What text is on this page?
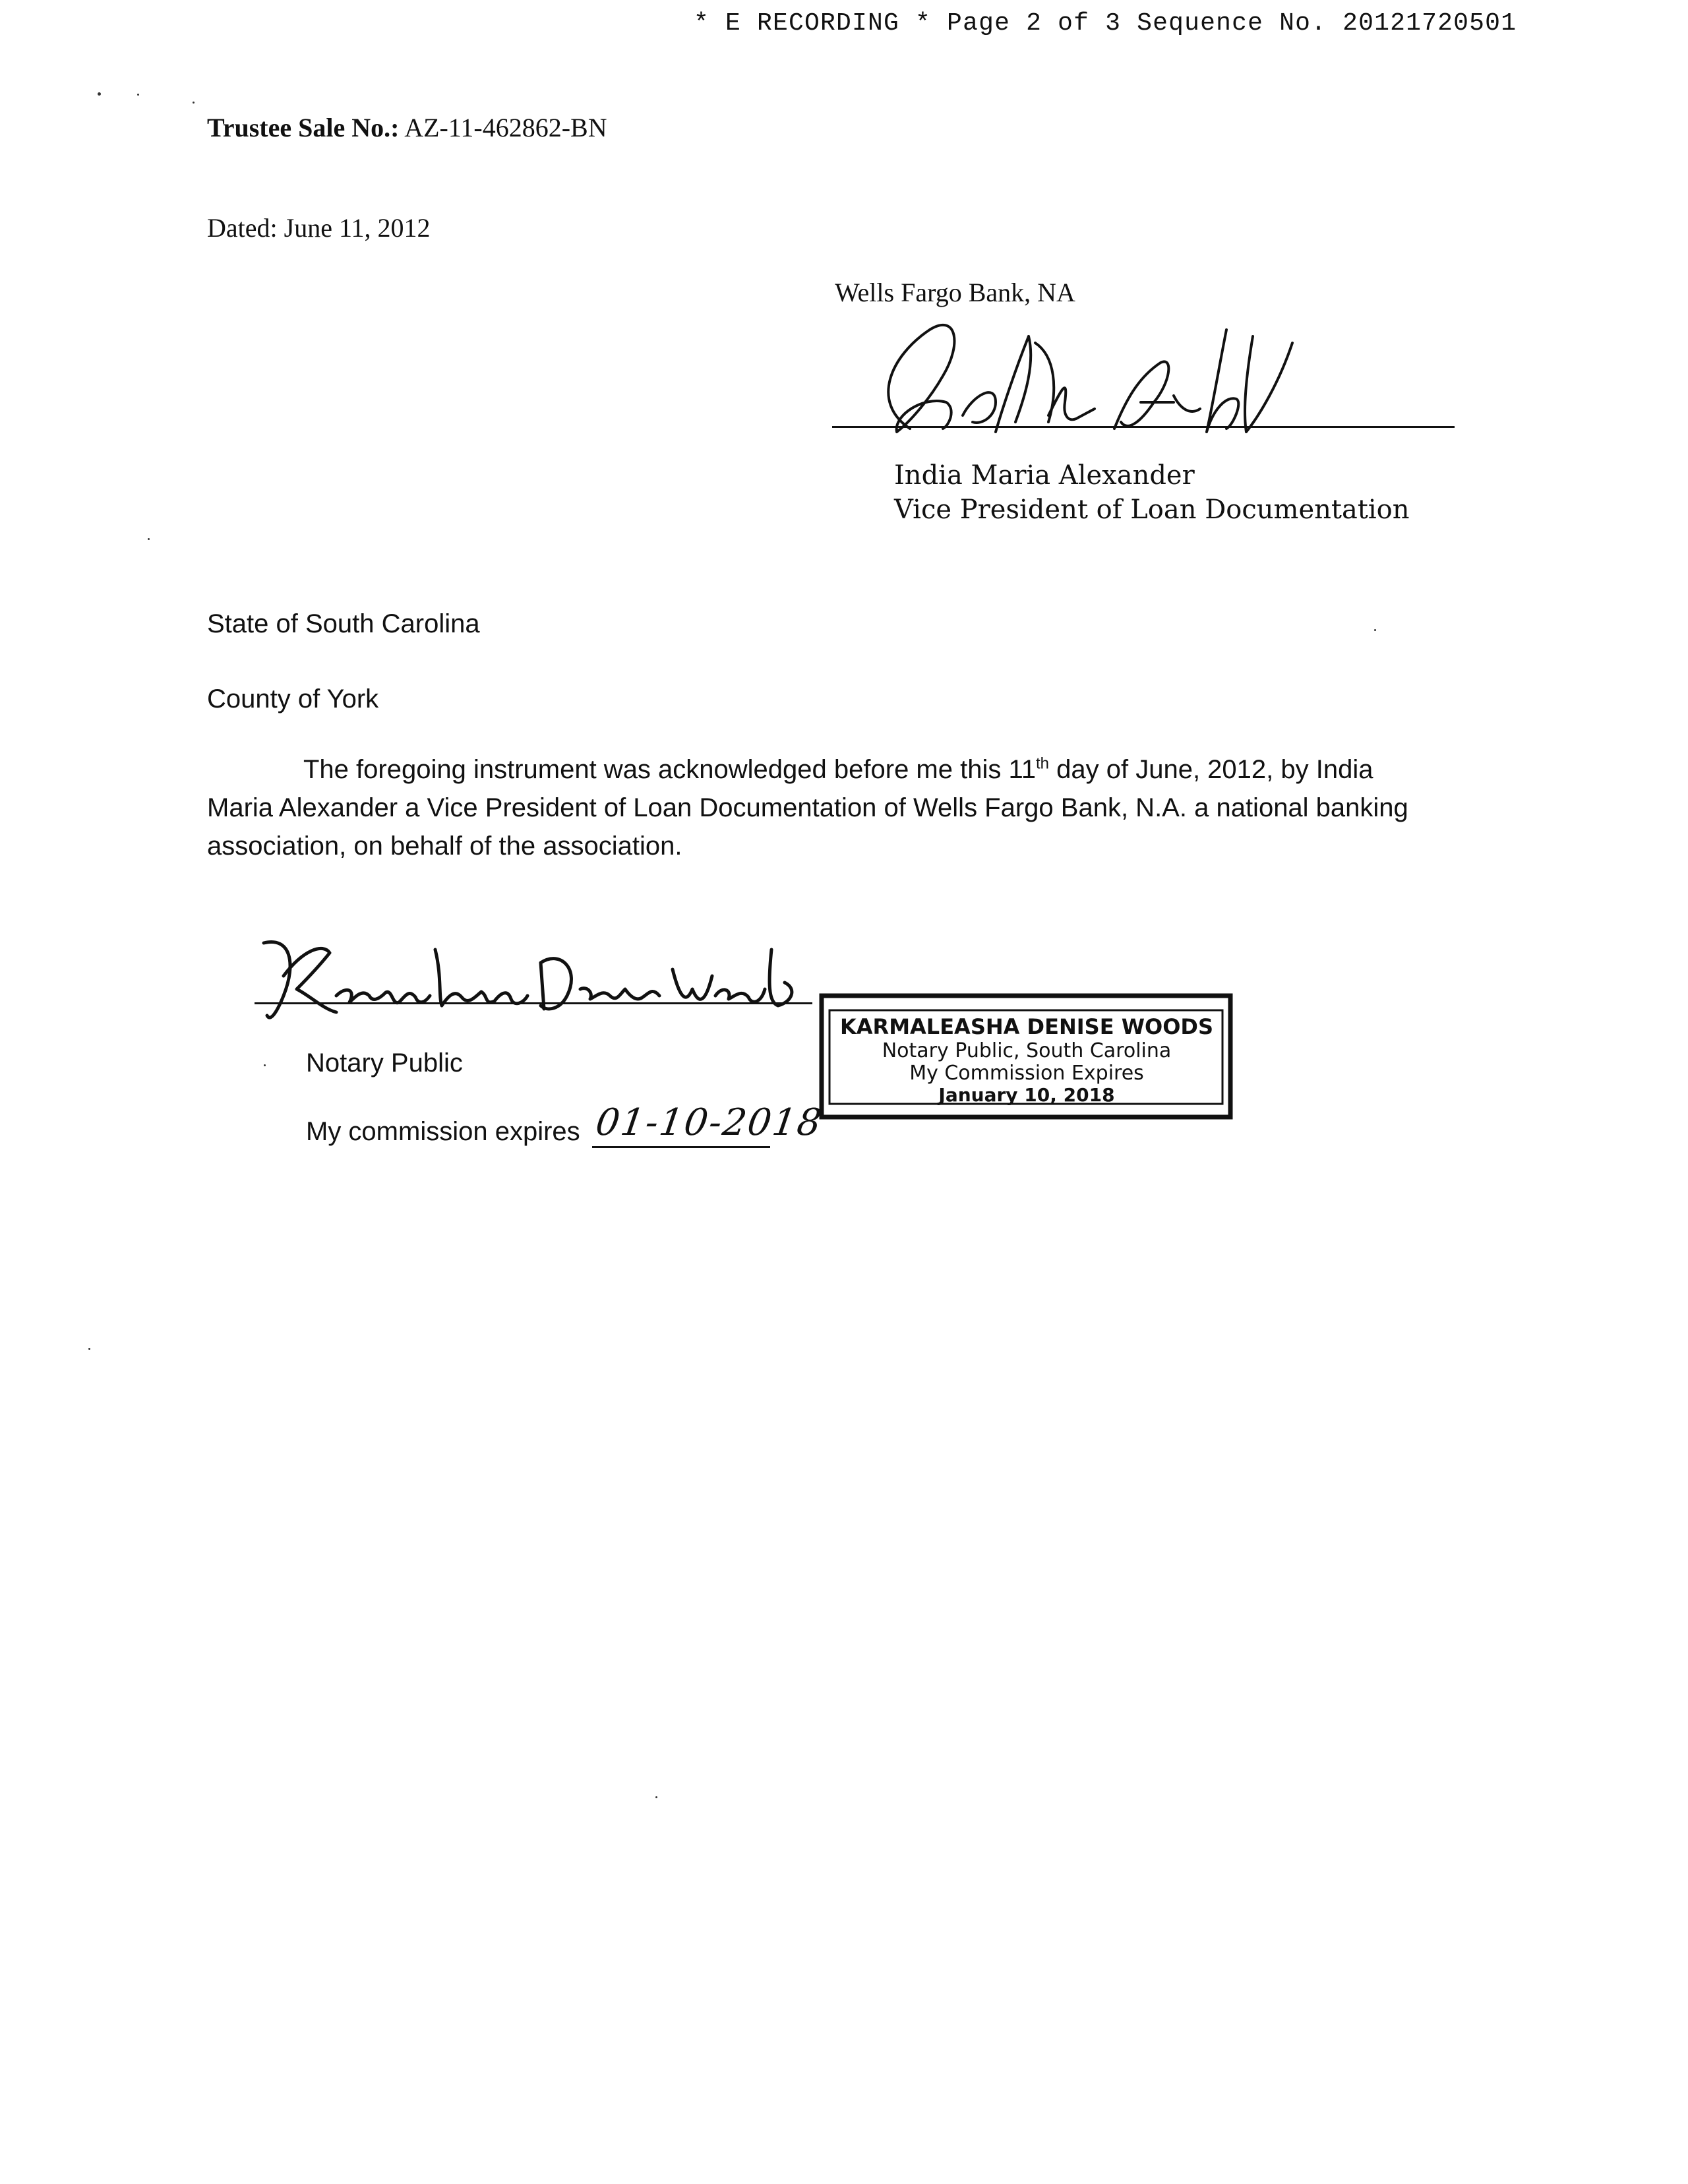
* E RECORDING * Page 2 of 3 Sequence No. 20121720501
Trustee Sale No.: AZ-11-462862-BN
Dated: June 11, 2012
Wells Fargo Bank, NA
India Maria Alexander
Vice President of Loan Documentation
State of South Carolina
County of York
The foregoing instrument was acknowledged before me this 11th day of June, 2012, by India
Maria Alexander a Vice President of Loan Documentation of Wells Fargo Bank, N.A. a national banking
association, on behalf of the association.
Notary Public
My commission expires 01-10-2018
KARMALEASHA DENISE WOODS
Notary Public, South Carolina
My Commission Expires
January 10, 2018
